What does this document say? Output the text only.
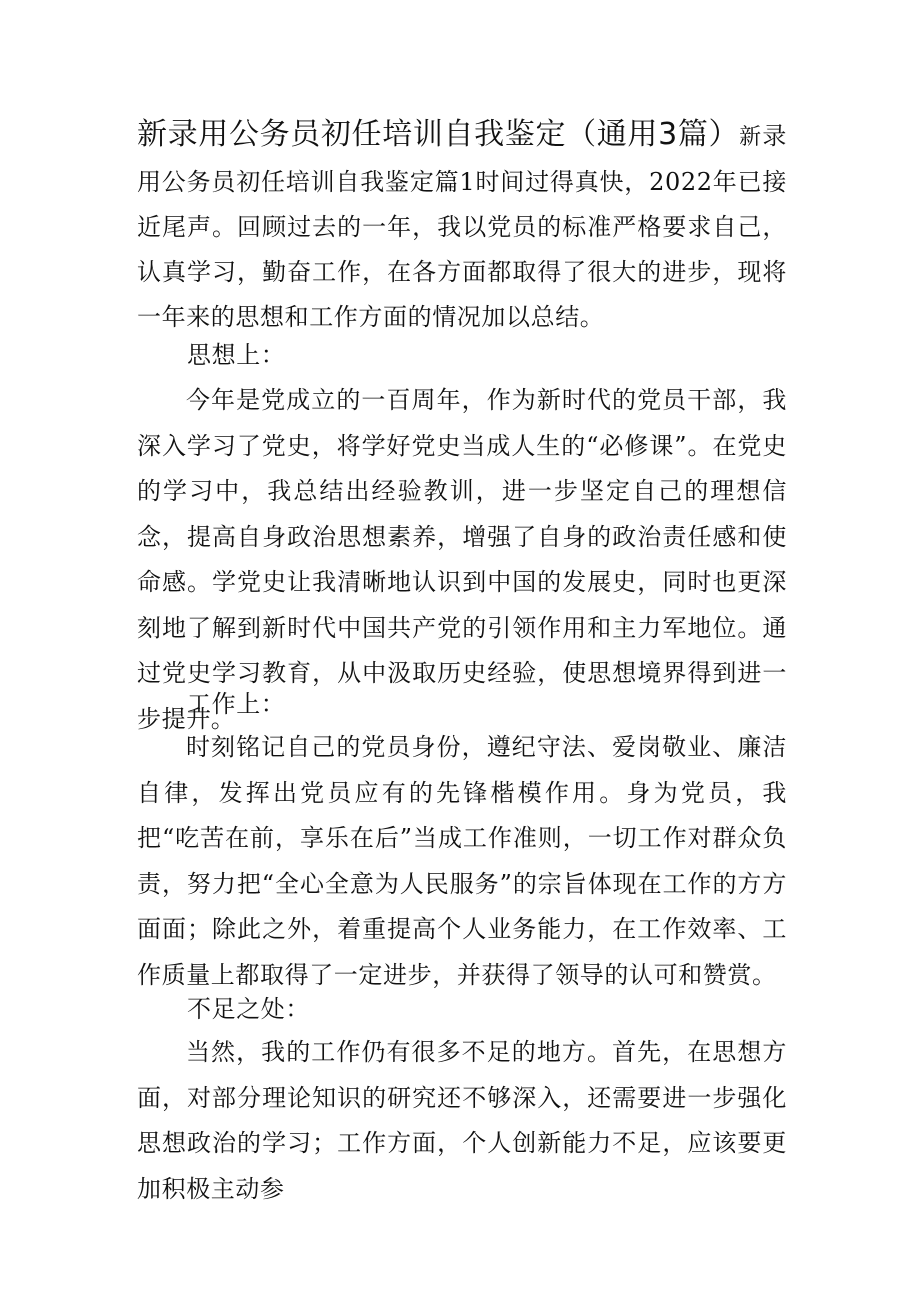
新录用公务员初任培训自我鉴定（通用3篇）新录用公务员初任培训自我鉴定篇1时间过得真快，2022年已接近尾声。回顾过去的一年，我以党员的标准严格要求自己，认真学习，勤奋工作，在各方面都取得了很大的进步，现将一年来的思想和工作方面的情况加以总结。

思想上：

今年是党成立的一百周年，作为新时代的党员干部，我深入学习了党史，将学好党史当成人生的“必修课”。在党史的学习中，我总结出经验教训，进一步坚定自己的理想信念，提高自身政治思想素养，增强了自身的政治责任感和使命感。学党史让我清晰地认识到中国的发展史，同时也更深刻地了解到新时代中国共产党的引领作用和主力军地位。通过党史学习教育，从中汲取历史经验，使思想境界得到进一步提升。

工作上：

时刻铭记自己的党员身份，遵纪守法、爱岗敬业、廉洁自律，发挥出党员应有的先锋楷模作用。身为党员，我把“吃苦在前，享乐在后”当成工作准则，一切工作对群众负责，努力把“全心全意为人民服务”的宗旨体现在工作的方方面面；除此之外，着重提高个人业务能力，在工作效率、工作质量上都取得了一定进步，并获得了领导的认可和赞赏。

不足之处：

当然，我的工作仍有很多不足的地方。首先，在思想方面，对部分理论知识的研究还不够深入，还需要进一步强化思想政治的学习；工作方面，个人创新能力不足，应该要更加积极主动参
